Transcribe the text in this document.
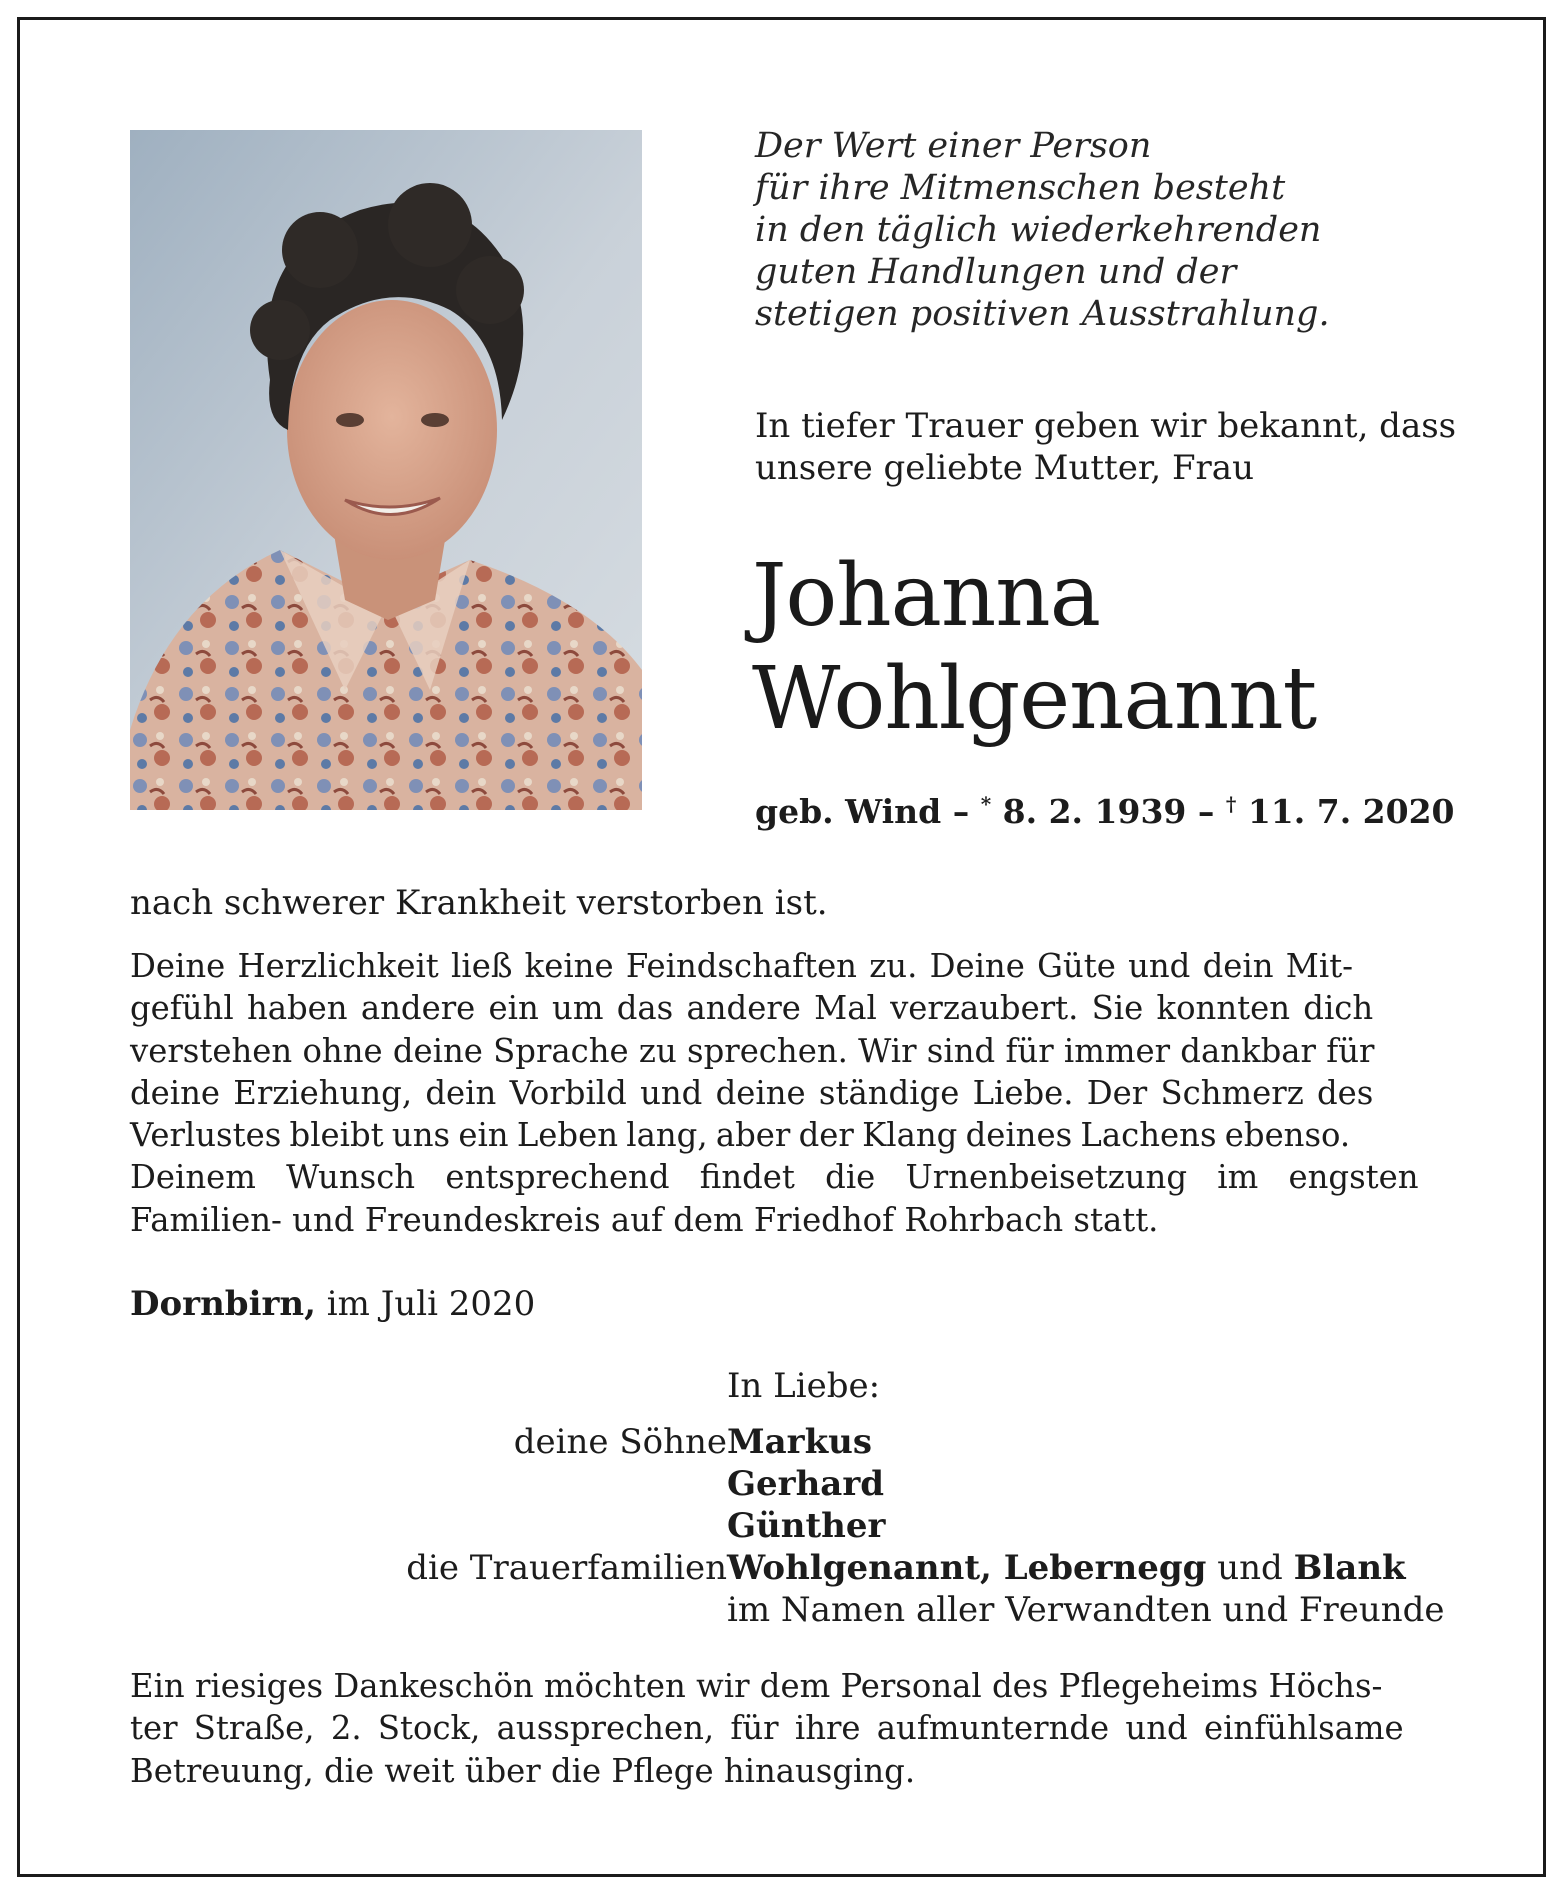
Der Wert einer Person
für ihre Mitmenschen besteht
in den täglich wiederkehrenden
guten Handlungen und der
stetigen positiven Ausstrahlung.

In tiefer Trauer geben wir bekannt, dass
unsere geliebte Mutter, Frau

Johanna
Wohlgenannt

geb. Wind – * 8. 2. 1939 – † 11. 7. 2020

nach schwerer Krankheit verstorben ist.

Deine Herzlichkeit ließ keine Feindschaften zu. Deine Güte und dein Mit-
gefühl haben andere ein um das andere Mal verzaubert. Sie konnten dich
verstehen ohne deine Sprache zu sprechen. Wir sind für immer dankbar für
deine Erziehung, dein Vorbild und deine ständige Liebe. Der Schmerz des
Verlustes bleibt uns ein Leben lang, aber der Klang deines Lachens ebenso.
Deinem Wunsch entsprechend findet die Urnenbeisetzung im engsten
Familien- und Freundeskreis auf dem Friedhof Rohrbach statt.

Dornbirn, im Juli 2020

In Liebe:

deine Söhne Markus

Gerhard

Günther

die Trauerfamilien Wohlgenannt, Lebernegg und Blank

im Namen aller Verwandten und Freunde

Ein riesiges Dankeschön möchten wir dem Personal des Pflegeheims Höchs-
ter Straße, 2. Stock, aussprechen, für ihre aufmunternde und einfühlsame
Betreuung, die weit über die Pflege hinausging.
